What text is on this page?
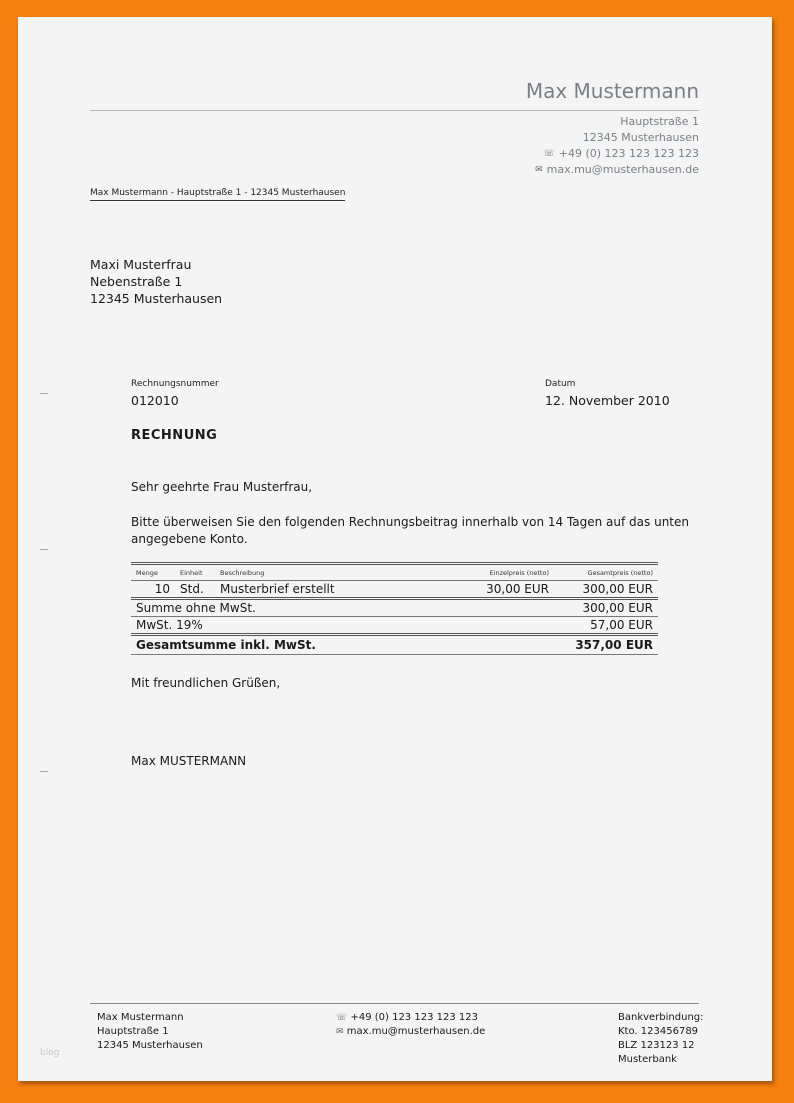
Max Mustermann
Hauptstraße 1
12345 Musterhausen
☏ +49 (0) 123 123 123 123
✉ max.mu@musterhausen.de
Max Mustermann - Hauptstraße 1 - 12345 Musterhausen
Maxi Musterfrau
Nebenstraße 1
12345 Musterhausen
Rechnungsnummer
012010
Datum
12. November 2010
RECHNUNG
Sehr geehrte Frau Musterfrau,
Bitte überweisen Sie den folgenden Rechnungsbeitrag innerhalb von 14 Tagen auf das unten
angegebene Konto.
Menge	Einheit	Beschreibung	Einzelpreis (netto)	Gesamtpreis (netto)
10	Std.	Musterbrief erstellt	30,00 EUR	300,00 EUR
Summe ohne MwSt.				300,00 EUR
MwSt. 19%				57,00 EUR
Gesamtsumme inkl. MwSt.				357,00 EUR
Mit freundlichen Grüßen,
Max MUSTERMANN
Max Mustermann
Hauptstraße 1
12345 Musterhausen
☏ +49 (0) 123 123 123 123
✉ max.mu@musterhausen.de
Bankverbindung:
Kto. 123456789
BLZ 123123 12
Musterbank
blog
